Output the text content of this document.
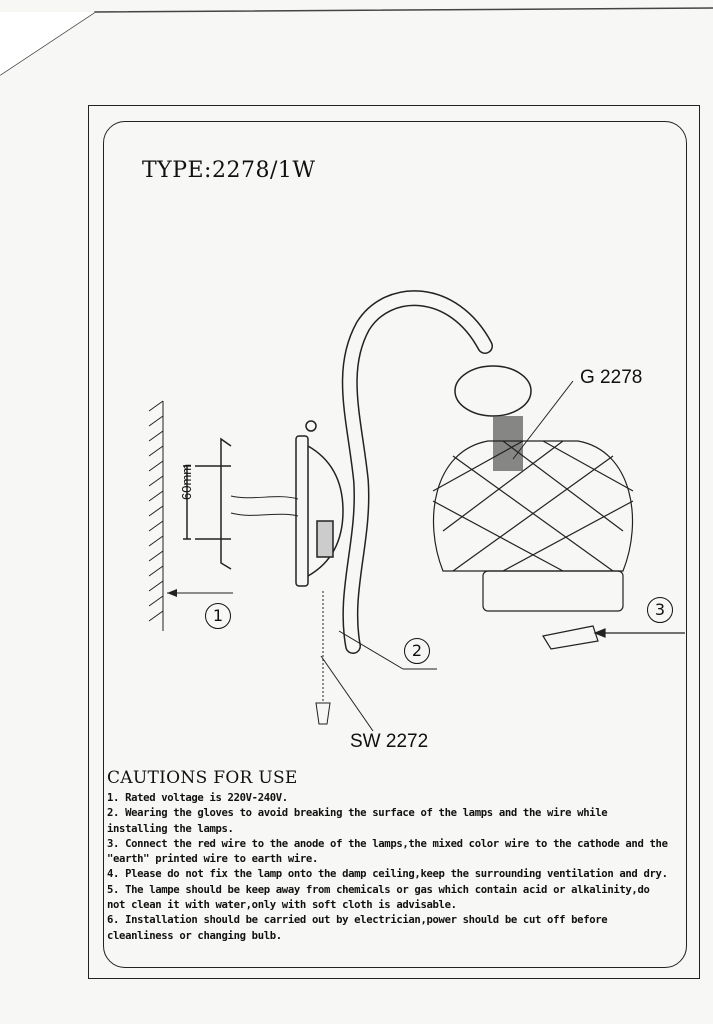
TYPE:2278/1W
60mm
G 2278
SW 2272
1
2
3
CAUTIONS FOR USE
1. Rated voltage is 220V-240V.
2. Wearing the gloves to avoid breaking the surface of the lamps and the wire while
installing the lamps.
3. Connect the red wire to the anode of the lamps,the mixed color wire to the cathode and the
"earth" printed wire to earth wire.
4. Please do not fix the lamp onto the damp ceiling,keep the surrounding ventilation and dry.
5. The lampe should be keep away from chemicals or gas which contain acid or alkalinity,do
not clean it with water,only with soft cloth is advisable.
6. Installation should be carried out by electrician,power should be cut off before
cleanliness or changing bulb.
